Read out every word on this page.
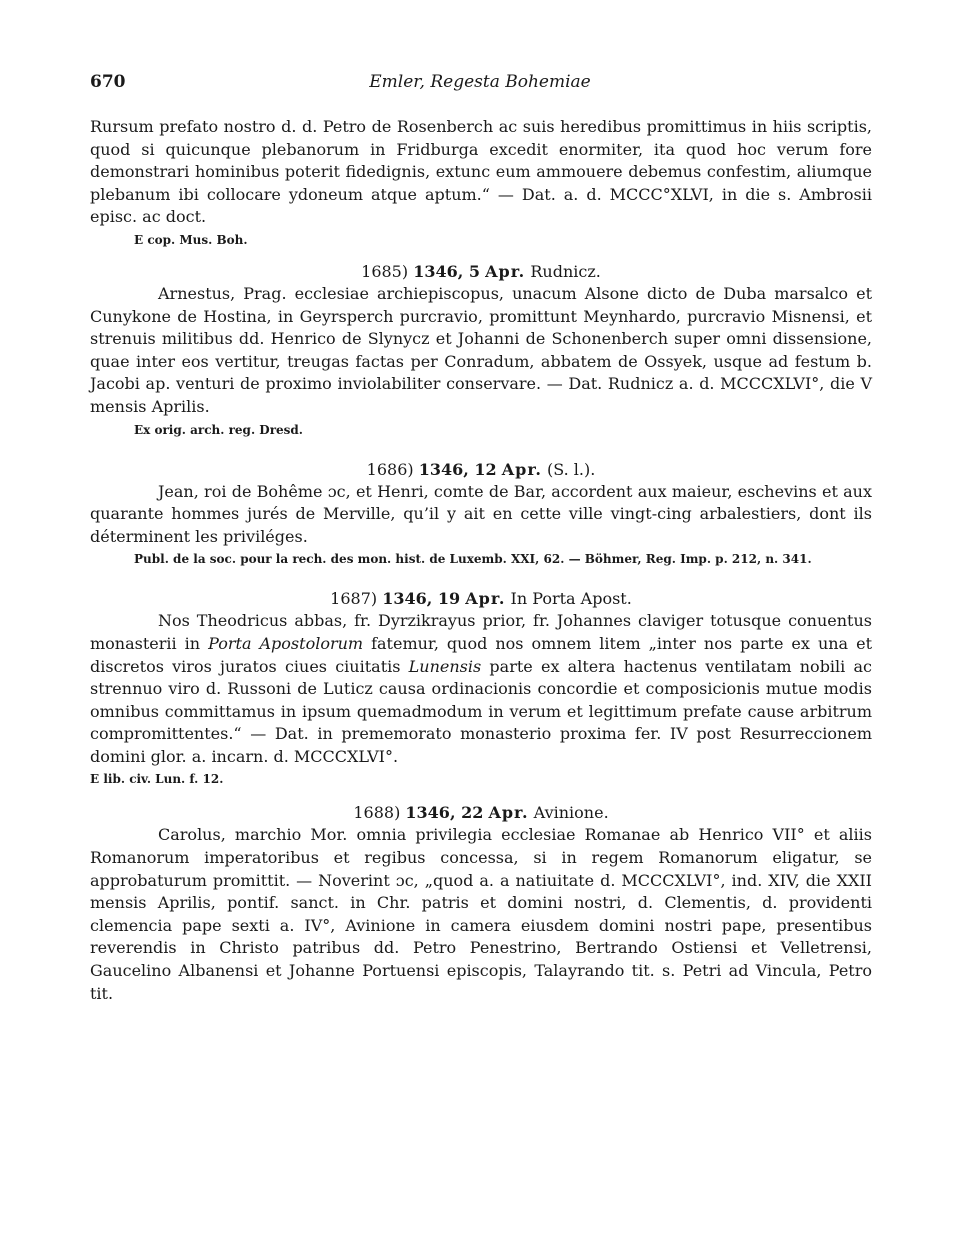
670	Emler, Regesta Bohemiae

Rursum prefato nostro d. d. Petro de Rosenberch ac suis heredibus promittimus in hiis scriptis, quod si quicunque plebanorum in Fridburga excedit enormiter, ita quod hoc verum fore demonstrari hominibus poterit fidedignis, extunc eum ammouere debemus confestim, aliumque plebanum ibi collocare ydoneum atque aptum.“ — Dat. a. d. MCCC°XLVI, in die s. Ambrosii episc. ac doct.

E cop. Mus. Boh.
1685) 1346, 5 Apr. Rudnicz.

Arnestus, Prag. ecclesiae archiepiscopus, unacum Alsone dicto de Duba marsalco et Cunykone de Hostina, in Geyrsperch purcravio, promittunt Meynhardo, purcravio Misnensi, et strenuis militibus dd. Henrico de Slynycz et Johanni de Schonenberch super omni dissensione, quae inter eos vertitur, treugas factas per Conradum, abbatem de Ossyek, usque ad festum b. Jacobi ap. venturi de proximo inviolabiliter conservare. — Dat. Rudnicz a. d. MCCCXLVI°, die V mensis Aprilis.

Ex orig. arch. reg. Dresd.
1686) 1346, 12 Apr. (S. l.).

Jean, roi de Bohême ɔc, et Henri, comte de Bar, accordent aux maieur, eschevins et aux quarante hommes jurés de Merville, qu’il y ait en cette ville vingt-cing arbalestiers, dont ils déterminent les priviléges.

Publ. de la soc. pour la rech. des mon. hist. de Luxemb. XXI, 62. — Böhmer, Reg. Imp. p. 212, n. 341.
1687) 1346, 19 Apr. In Porta Apost.

Nos Theodricus abbas, fr. Dyrzikrayus prior, fr. Johannes claviger totusque conuentus monasterii in Porta Apostolorum fatemur, quod nos omnem litem „inter nos parte ex una et discretos viros juratos ciues ciuitatis Lunensis parte ex altera hactenus ventilatam nobili ac strennuo viro d. Russoni de Luticz causa ordinacionis concordie et composicionis mutue modis omnibus committamus in ipsum quemadmodum in verum et legittimum prefate cause arbitrum compromittentes.“ — Dat. in prememorato monasterio proxima fer. IV post Resurreccionem domini glor. a. incarn. d. MCCCXLVI°.

E lib. civ. Lun. f. 12.
1688) 1346, 22 Apr. Avinione.

Carolus, marchio Mor. omnia privilegia ecclesiae Romanae ab Henrico VII° et aliis Romanorum imperatoribus et regibus concessa, si in regem Romanorum eligatur, se approbaturum promittit. — Noverint ɔc, „quod a. a natiuitate d. MCCCXLVI°, ind. XIV, die XXII mensis Aprilis, pontif. sanct. in Chr. patris et domini nostri, d. Clementis, d. providenti clemencia pape sexti a. IV°, Avinione in camera eiusdem domini nostri pape, presentibus reverendis in Christo patribus dd. Petro Penestrino, Bertrando Ostiensi et Velletrensi, Gaucelino Albanensi et Johanne Portuensi episcopis, Talayrando tit. s. Petri ad Vincula, Petro tit.
